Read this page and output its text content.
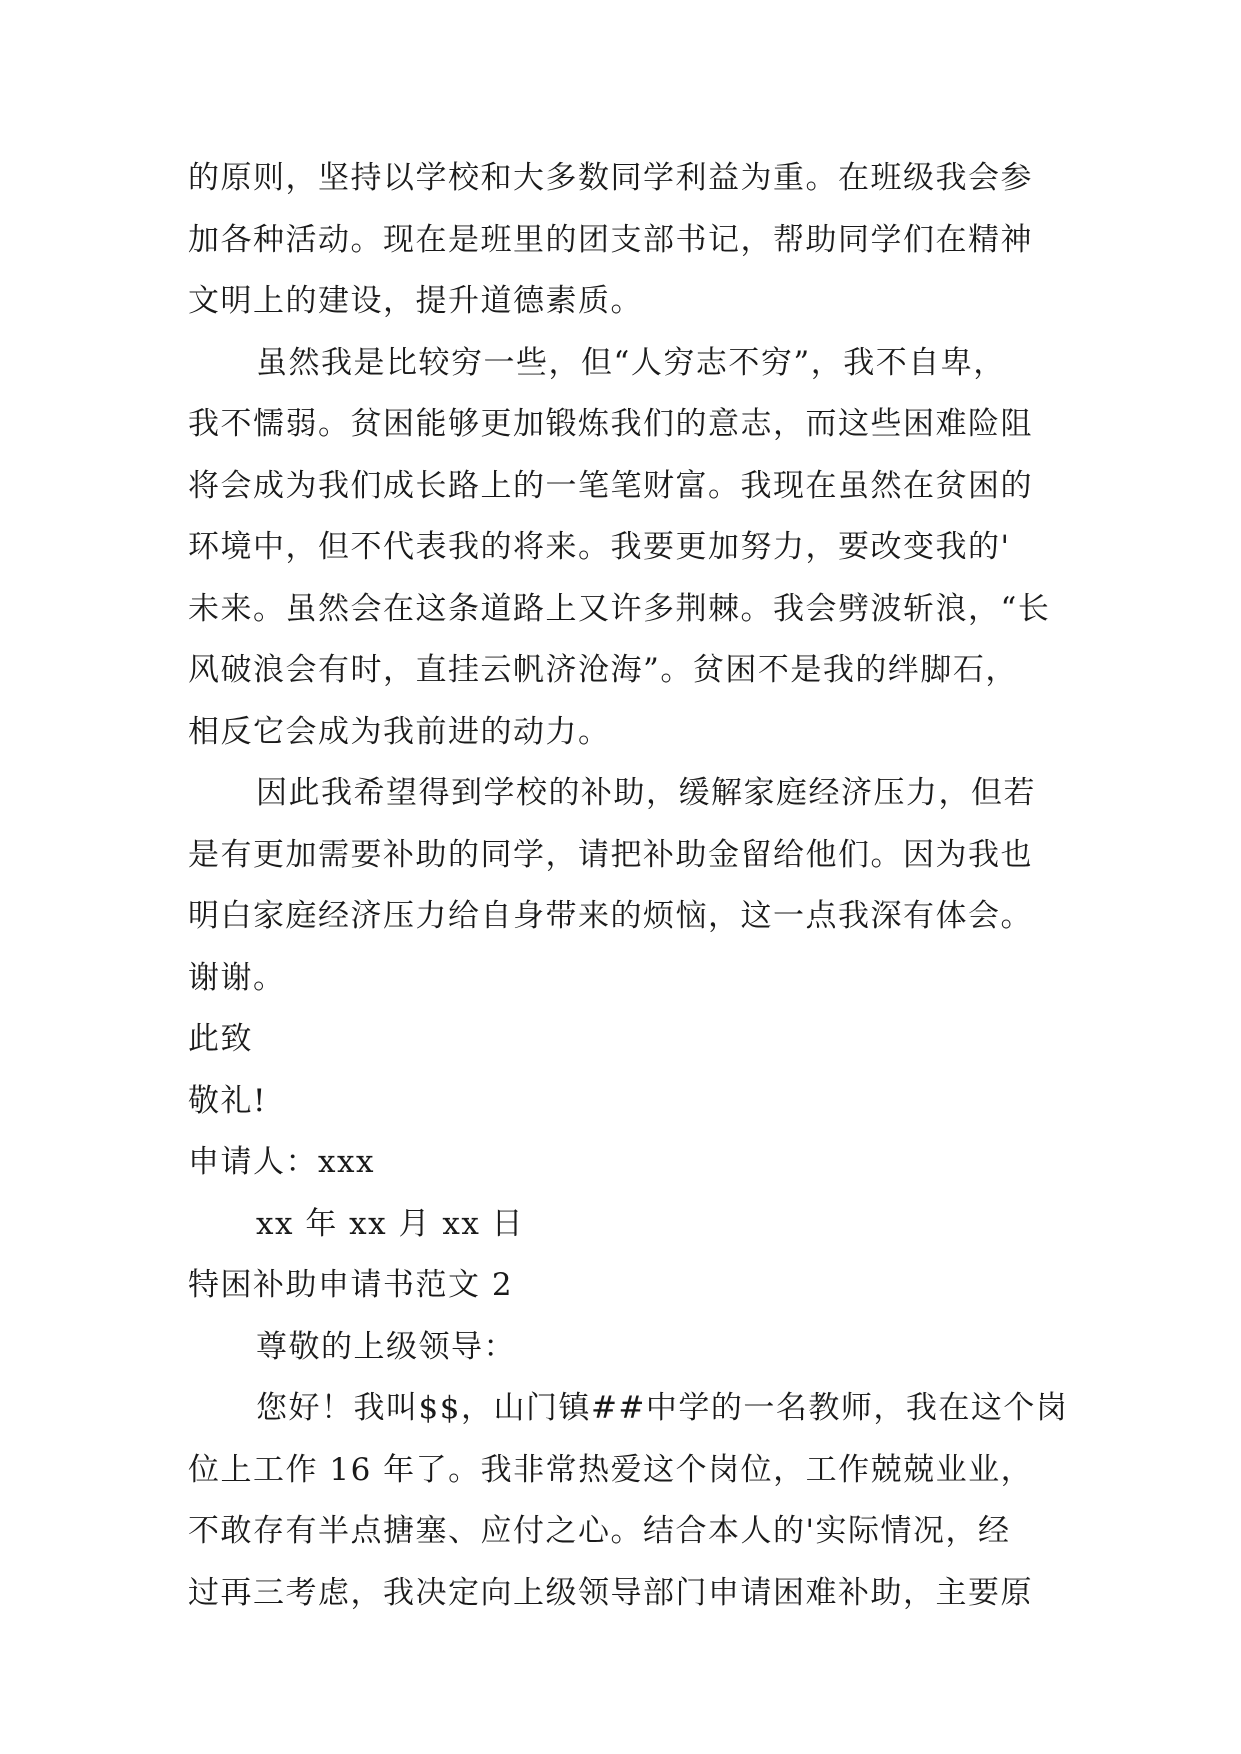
的原则，坚持以学校和大多数同学利益为重。在班级我会参
加各种活动。现在是班里的团支部书记，帮助同学们在精神
文明上的建设，提升道德素质。
虽然我是比较穷一些，但“人穷志不穷”，我不自卑，
我不懦弱。贫困能够更加锻炼我们的意志，而这些困难险阻
将会成为我们成长路上的一笔笔财富。我现在虽然在贫困的
环境中，但不代表我的将来。我要更加努力，要改变我的'
未来。虽然会在这条道路上又许多荆棘。我会劈波斩浪，“长
风破浪会有时，直挂云帆济沧海”。贫困不是我的绊脚石，
相反它会成为我前进的动力。
因此我希望得到学校的补助，缓解家庭经济压力，但若
是有更加需要补助的同学，请把补助金留给他们。因为我也
明白家庭经济压力给自身带来的烦恼，这一点我深有体会。
谢谢。
此致
敬礼!
申请人：xxx
xx 年 xx 月 xx 日
特困补助申请书范文 2
尊敬的上级领导：
您好！我叫$$，山门镇##中学的一名教师，我在这个岗
位上工作 16 年了。我非常热爱这个岗位，工作兢兢业业，
不敢存有半点搪塞、应付之心。结合本人的'实际情况，经
过再三考虑，我决定向上级领导部门申请困难补助，主要原
